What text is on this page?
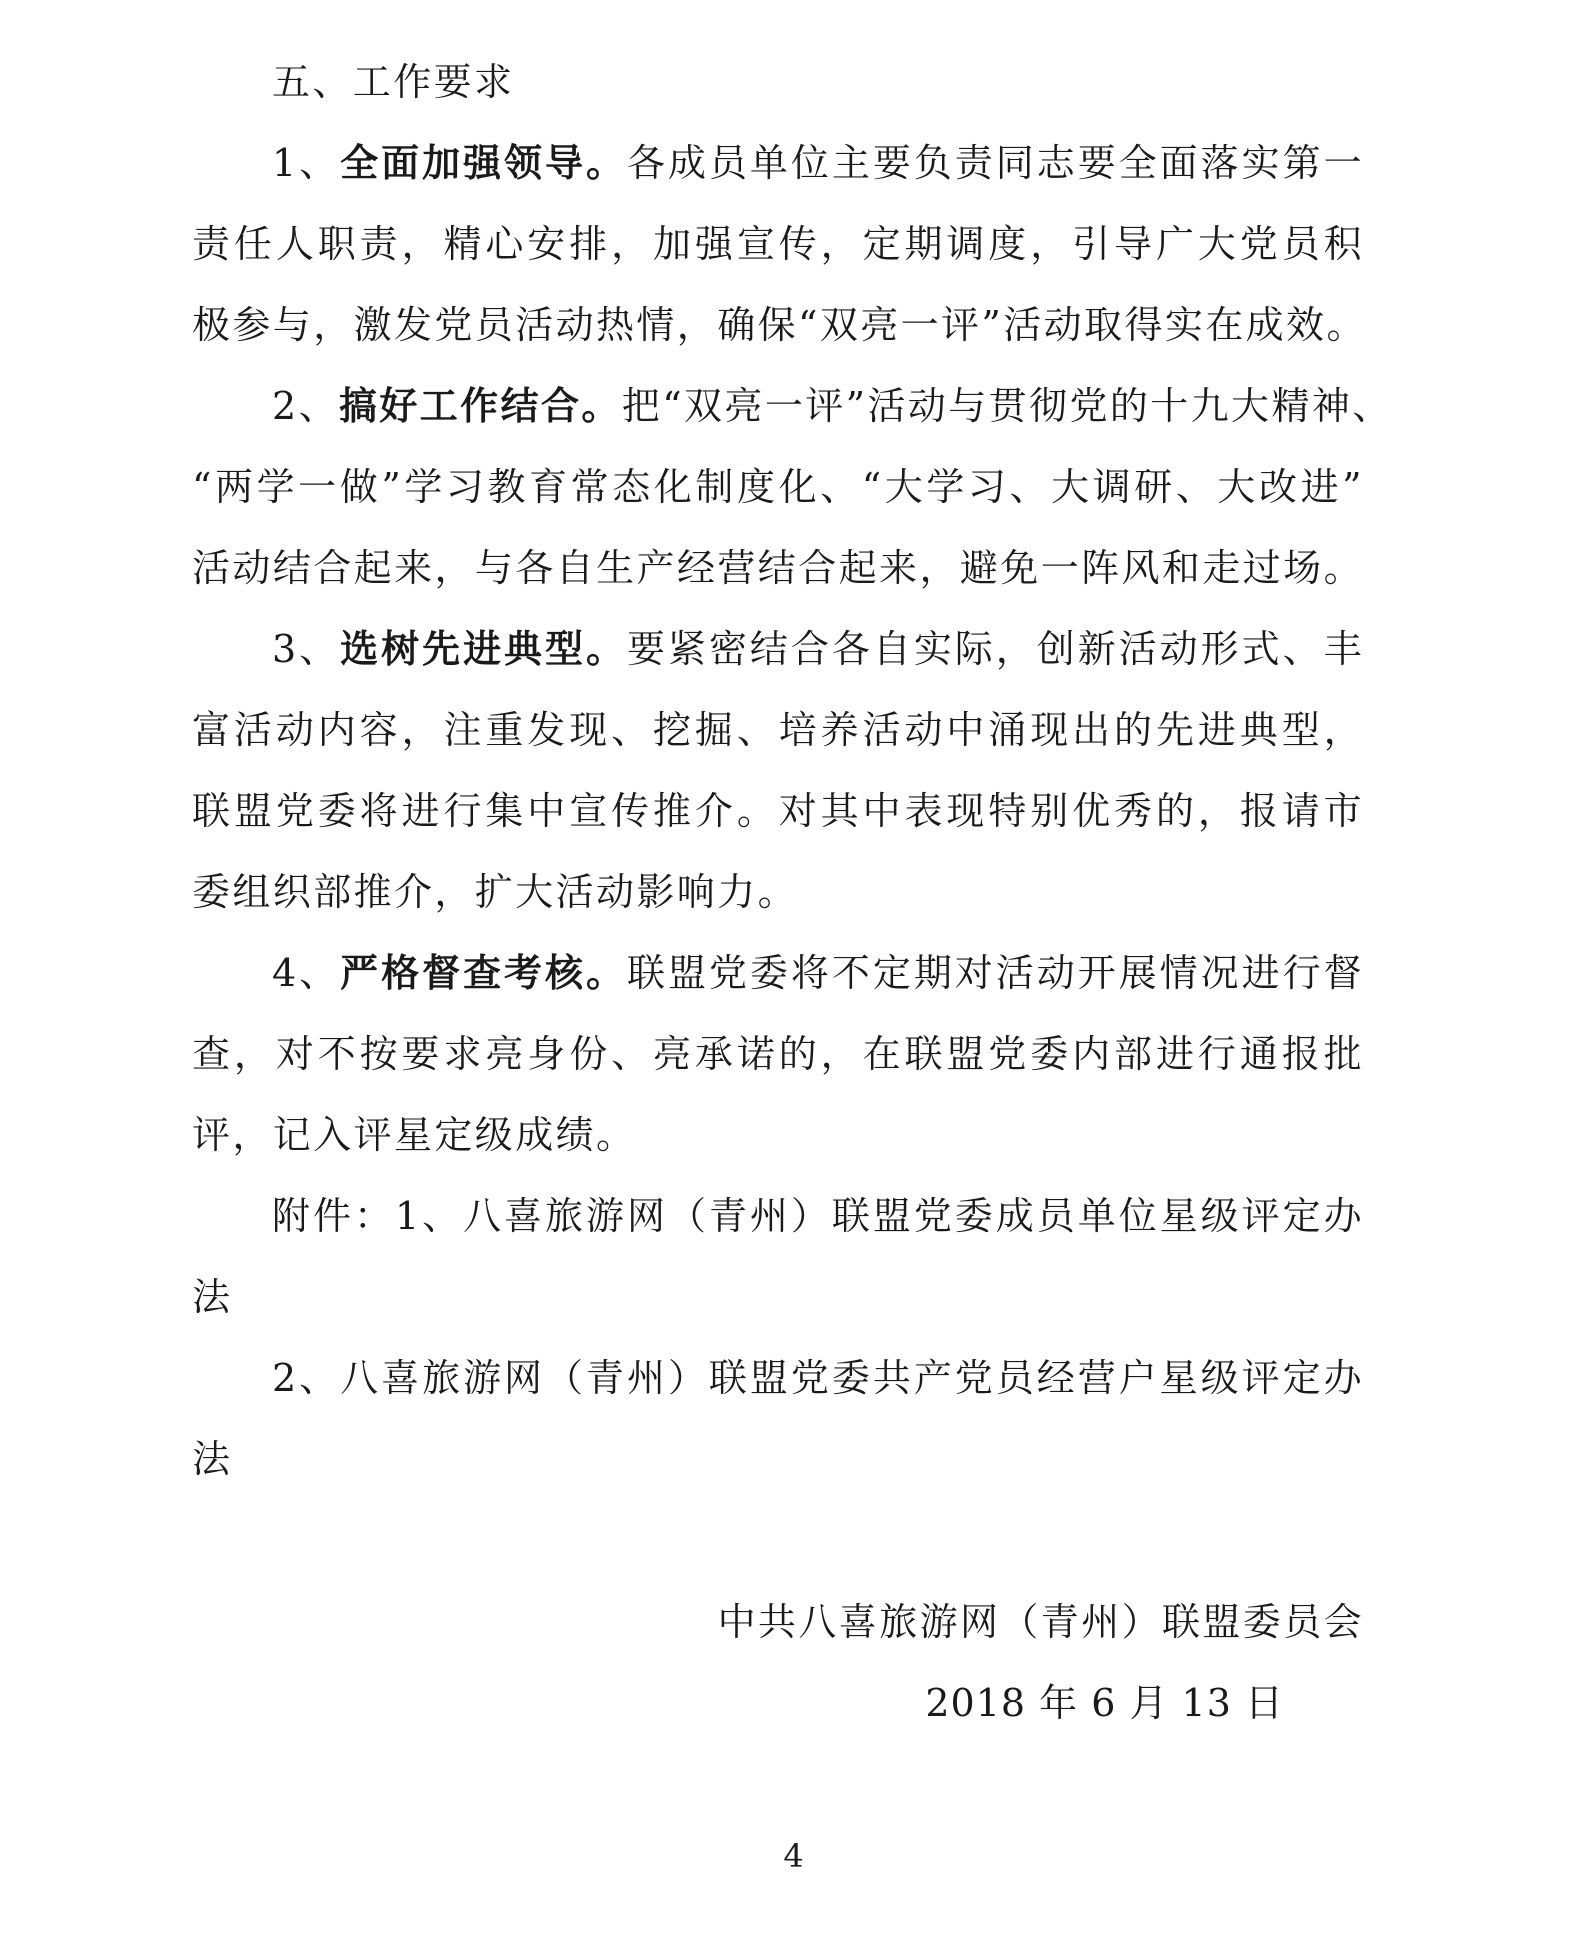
五、工作要求
1、全面加强领导。各成员单位主要负责同志要全面落实第一
责任人职责，精心安排，加强宣传，定期调度，引导广大党员积
极参与，激发党员活动热情，确保“双亮一评”活动取得实在成效。
2、搞好工作结合。把“双亮一评”活动与贯彻党的十九大精神、
“两学一做”学习教育常态化制度化、“大学习、大调研、大改进”
活动结合起来，与各自生产经营结合起来，避免一阵风和走过场。
3、选树先进典型。要紧密结合各自实际，创新活动形式、丰
富活动内容，注重发现、挖掘、培养活动中涌现出的先进典型，
联盟党委将进行集中宣传推介。对其中表现特别优秀的，报请市
委组织部推介，扩大活动影响力。
4、严格督查考核。联盟党委将不定期对活动开展情况进行督
查，对不按要求亮身份、亮承诺的，在联盟党委内部进行通报批
评，记入评星定级成绩。
附件：1、八喜旅游网（青州）联盟党委成员单位星级评定办
法
2、八喜旅游网（青州）联盟党委共产党员经营户星级评定办
法
中共八喜旅游网（青州）联盟委员会
2018 年 6 月 13 日
4
